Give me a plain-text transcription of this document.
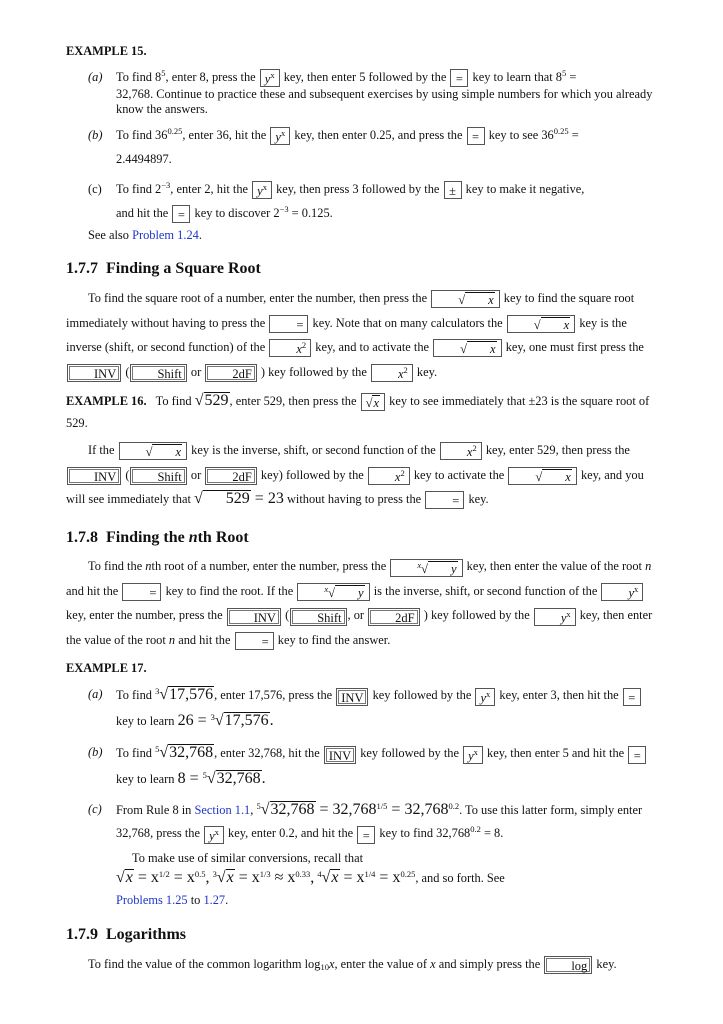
EXAMPLE 15.
(a) To find $8^5$, enter 8, press the $y^x$ key, then enter 5 followed by the = key to learn that $8^5$ =
32,768. Continue to practice these and subsequent exercises by using simple numbers for which you already know the answers.
(b) To find $36^{0.25}$, enter 36, hit the $y^x$ key, then enter 0.25, and press the = key to see $36^{0.25}$ =
2.4494897.
(c) To find $2^{-3}$, enter 2, hit the $y^x$ key, then press 3 followed by the ± key to make it negative,
and hit the = key to discover $2^{-3} = 0.125$.
See also Problem 1.24.
1.7.7 Finding a Square Root
To find the square root of a number, enter the number, then press the √ x key to find the square root immediately without having to press the = key. Note that on many calculators the √ x key is the inverse (shift, or second function) of the $x^2$ key, and to activate the √ x key, one must first press the INV ( Shift or 2dF ) key followed by the $x^2$ key.
EXAMPLE 16. To find √529, enter 529, then press the √x key to see immediately that ±23 is the square root of 529.
If the √ x key is the inverse, shift, or second function of the $x^2$ key, enter 529, then press the INV ( Shift or 2dF key) followed by the $x^2$ key to activate the √ x key, and you will see immediately that √ 529 = 23 without having to press the = key.
1.7.8 Finding the nth Root
To find the nth root of a number, enter the number, press the	$^x$√ y key, then enter the value of the root n and hit the = key to find the root. If the	$^x$√ y is the inverse, shift, or second function of the $y^x$ key, enter the number, press the INV ( Shift , or 2dF ) key followed by the $y^x$ key, then enter the value of the root n and hit the = key to find the answer.
EXAMPLE 17.
(a) To find $^3$√17,576, enter 17,576, press the INV key followed by the $y^x$ key, enter 3, then hit the = key to learn 26 = $^3$√17,576.
(b) To find $^5$√32,768, enter 32,768, hit the INV key followed by the $y^x$ key, then enter 5 and hit the = key to learn 8 = $^5$√32,768.
(c) From Rule 8 in Section 1.1, $^5√32,768 = 32,768^{1/5} = 32,768^{0.2}$. To use this latter form, simply enter 32,768, press the $y^x$ key, enter 0.2, and hit the = key to find $32,768^{0.2} = 8$.
To make use of similar conversions, recall that
$√x = x^{1/2} = x^{0.5}$, $^3√x = x^{1/3} \approx x^{0.33}$, $^4√x = x^{1/4} = x^{0.25}$, and so forth. See
Problems 1.25 to 1.27.
1.7.9 Logarithms
To find the value of the common logarithm $\log_{10}x$, enter the value of x and simply press the log key.
